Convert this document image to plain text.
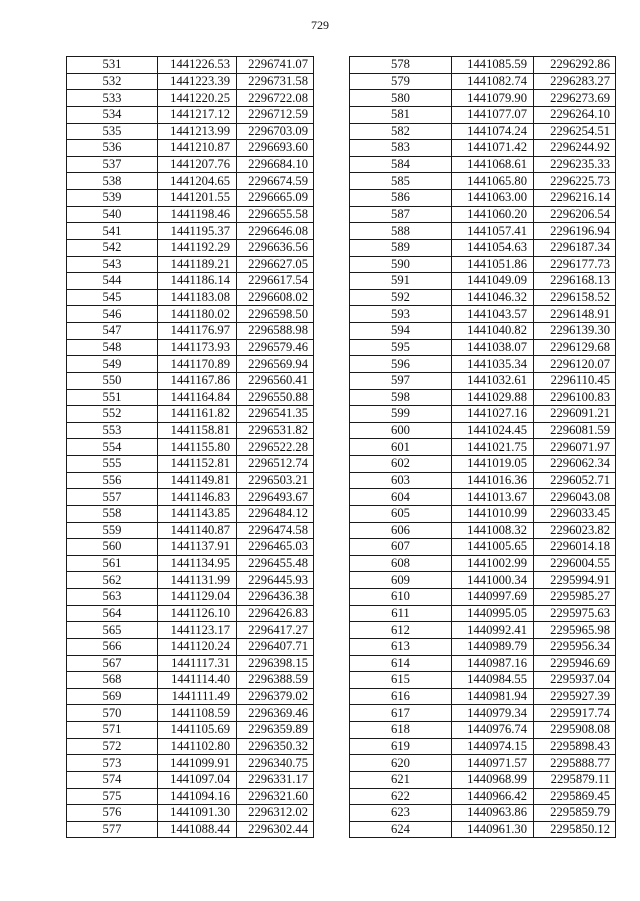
729
531	1441226.53	2296741.07
532	1441223.39	2296731.58
533	1441220.25	2296722.08
534	1441217.12	2296712.59
535	1441213.99	2296703.09
536	1441210.87	2296693.60
537	1441207.76	2296684.10
538	1441204.65	2296674.59
539	1441201.55	2296665.09
540	1441198.46	2296655.58
541	1441195.37	2296646.08
542	1441192.29	2296636.56
543	1441189.21	2296627.05
544	1441186.14	2296617.54
545	1441183.08	2296608.02
546	1441180.02	2296598.50
547	1441176.97	2296588.98
548	1441173.93	2296579.46
549	1441170.89	2296569.94
550	1441167.86	2296560.41
551	1441164.84	2296550.88
552	1441161.82	2296541.35
553	1441158.81	2296531.82
554	1441155.80	2296522.28
555	1441152.81	2296512.74
556	1441149.81	2296503.21
557	1441146.83	2296493.67
558	1441143.85	2296484.12
559	1441140.87	2296474.58
560	1441137.91	2296465.03
561	1441134.95	2296455.48
562	1441131.99	2296445.93
563	1441129.04	2296436.38
564	1441126.10	2296426.83
565	1441123.17	2296417.27
566	1441120.24	2296407.71
567	1441117.31	2296398.15
568	1441114.40	2296388.59
569	1441111.49	2296379.02
570	1441108.59	2296369.46
571	1441105.69	2296359.89
572	1441102.80	2296350.32
573	1441099.91	2296340.75
574	1441097.04	2296331.17
575	1441094.16	2296321.60
576	1441091.30	2296312.02
577	1441088.44	2296302.44
578	1441085.59	2296292.86
579	1441082.74	2296283.27
580	1441079.90	2296273.69
581	1441077.07	2296264.10
582	1441074.24	2296254.51
583	1441071.42	2296244.92
584	1441068.61	2296235.33
585	1441065.80	2296225.73
586	1441063.00	2296216.14
587	1441060.20	2296206.54
588	1441057.41	2296196.94
589	1441054.63	2296187.34
590	1441051.86	2296177.73
591	1441049.09	2296168.13
592	1441046.32	2296158.52
593	1441043.57	2296148.91
594	1441040.82	2296139.30
595	1441038.07	2296129.68
596	1441035.34	2296120.07
597	1441032.61	2296110.45
598	1441029.88	2296100.83
599	1441027.16	2296091.21
600	1441024.45	2296081.59
601	1441021.75	2296071.97
602	1441019.05	2296062.34
603	1441016.36	2296052.71
604	1441013.67	2296043.08
605	1441010.99	2296033.45
606	1441008.32	2296023.82
607	1441005.65	2296014.18
608	1441002.99	2296004.55
609	1441000.34	2295994.91
610	1440997.69	2295985.27
611	1440995.05	2295975.63
612	1440992.41	2295965.98
613	1440989.79	2295956.34
614	1440987.16	2295946.69
615	1440984.55	2295937.04
616	1440981.94	2295927.39
617	1440979.34	2295917.74
618	1440976.74	2295908.08
619	1440974.15	2295898.43
620	1440971.57	2295888.77
621	1440968.99	2295879.11
622	1440966.42	2295869.45
623	1440963.86	2295859.79
624	1440961.30	2295850.12
